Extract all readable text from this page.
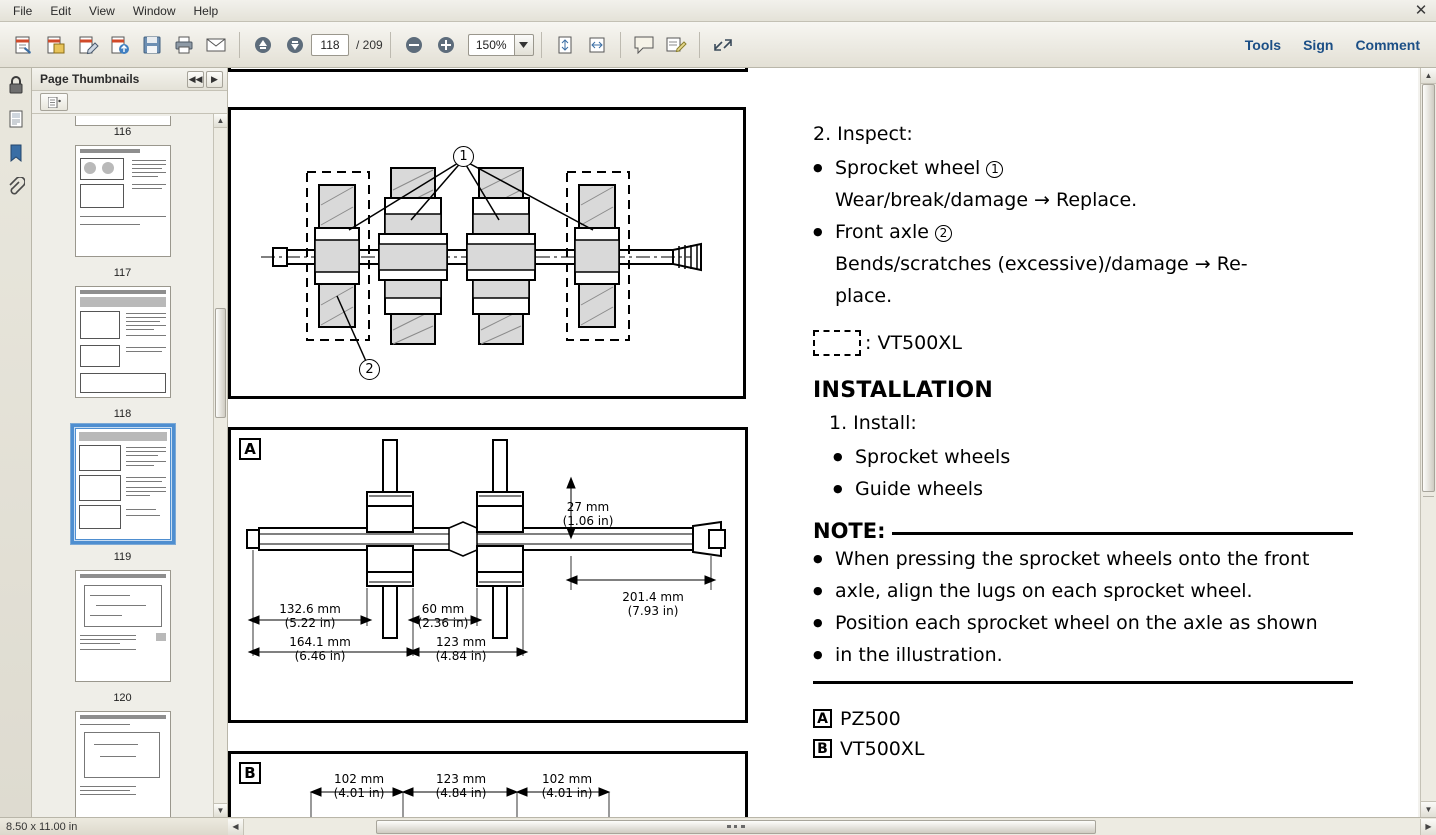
File	Edit	View	Window	Help	✕
118	/ 209	150%	Tools Sign Comment
Page Thumbnails	◀◀ ▶
116
117
118
119
120
▲
▼
1
2
A
27 mm
(1.06 in)
201.4 mm
(7.93 in)
132.6 mm
(5.22 in)
60 mm
(2.36 in)
164.1 mm
(6.46 in)
123 mm
(4.84 in)
B	102 mm
(4.01 in)
123 mm
(4.84 in)
102 mm
(4.01 in)
2. Inspect:
● Sprocket wheel 1
Wear/break/damage → Replace.
● Front axle 2
Bends/scratches (excessive)/damage → Re-
place.
: VT500XL
INSTALLATION
1. Install:
● Sprocket wheels
● Guide wheels
NOTE:
● When pressing the sprocket wheels onto the front
● axle, align the lugs on each sprocket wheel.
● Position each sprocket wheel on the axle as shown
● in the illustration.
A PZ500
B VT500XL
▲
▼
8.50 x 11.00 in	◀	▶
